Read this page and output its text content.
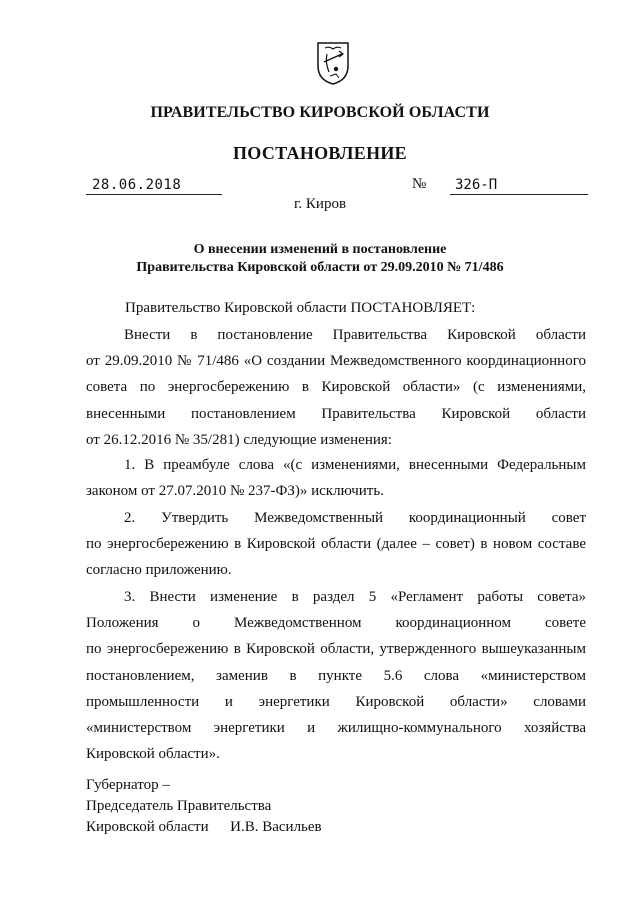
ПРАВИТЕЛЬСТВО КИРОВСКОЙ ОБЛАСТИ
ПОСТАНОВЛЕНИЕ
28.06.2018	№ 326-П
г. Киров
О внесении изменений в постановление
Правительства Кировской области от 29.09.2010 № 71/486
Правительство Кировской области ПОСТАНОВЛЯЕТ:
Внести в постановление Правительства Кировской области
от 29.09.2010 № 71/486 «О создании Межведомственного координационного
совета по энергосбережению в Кировской области» (с изменениями,
внесенными постановлением Правительства Кировской области
от 26.12.2016 № 35/281) следующие изменения:
1. В преамбуле слова «(с изменениями, внесенными Федеральным
законом от 27.07.2010 № 237-ФЗ)» исключить.
2. Утвердить Межведомственный координационный совет
по энергосбережению в Кировской области (далее – совет) в новом составе
согласно приложению.
3. Внести изменение в раздел 5 «Регламент работы совета»
Положения о Межведомственном координационном совете
по энергосбережению в Кировской области, утвержденного вышеуказанным
постановлением, заменив в пункте 5.6 слова «министерством
промышленности и энергетики Кировской области» словами
«министерством энергетики и жилищно-коммунального хозяйства
Кировской области».
Губернатор –
Председатель Правительства
Кировской области И.В. Васильев
